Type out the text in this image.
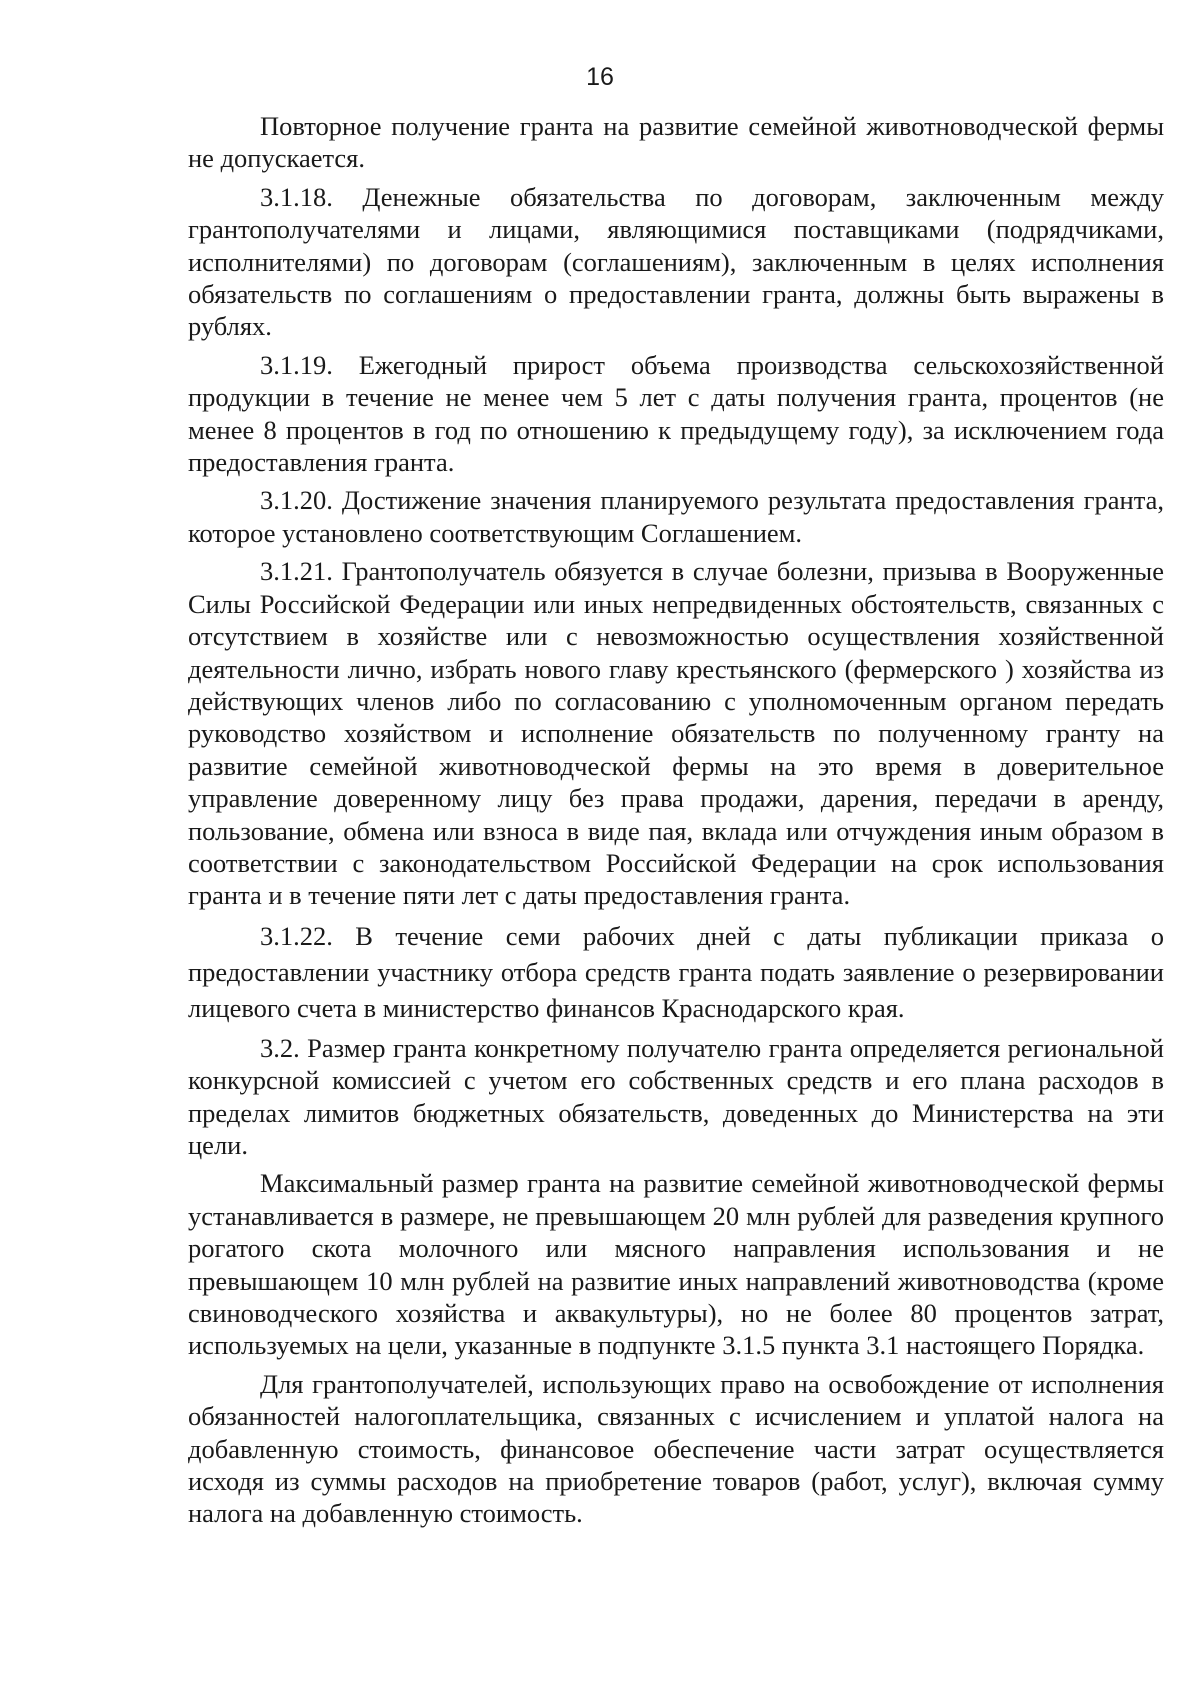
16

Повторное получение гранта на развитие семейной животноводческой фермы не допускается.

3.1.18. Денежные обязательства по договорам, заключенным между грантополучателями и лицами, являющимися поставщиками (подрядчиками, исполнителями) по договорам (соглашениям), заключенным в целях исполнения обязательств по соглашениям о предоставлении гранта, должны быть выражены в рублях.

3.1.19. Ежегодный прирост объема производства сельскохозяйственной продукции в течение не менее чем 5 лет с даты получения гранта, процентов (не менее 8 процентов в год по отношению к предыдущему году), за исключением года предоставления гранта.

3.1.20. Достижение значения планируемого результата предоставления гранта, которое установлено соответствующим Соглашением.

3.1.21. Грантополучатель обязуется в случае болезни, призыва в Вооруженные Силы Российской Федерации или иных непредвиденных обстоятельств, связанных с отсутствием в хозяйстве или с невозможностью осуществления хозяйственной деятельности лично, избрать нового главу крестьянского (фермерского ) хозяйства из действующих членов либо по согласованию с уполномоченным органом передать руководство хозяйством и исполнение обязательств по полученному гранту на развитие семейной животноводческой фермы на это время в доверительное управление доверенному лицу без права продажи, дарения, передачи в аренду, пользование, обмена или взноса в виде пая, вклада или отчуждения иным образом в соответствии с законодательством Российской Федерации на срок использования гранта и в течение пяти лет с даты предоставления гранта.

3.1.22. В течение семи рабочих дней с даты публикации приказа о предоставлении участнику отбора средств гранта подать заявление о резервировании лицевого счета в министерство финансов Краснодарского края.

3.2. Размер гранта конкретному получателю гранта определяется региональной конкурсной комиссией с учетом его собственных средств и его плана расходов в пределах лимитов бюджетных обязательств, доведенных до Министерства на эти цели.

Максимальный размер гранта на развитие семейной животноводческой фермы устанавливается в размере, не превышающем 20 млн рублей для разведения крупного рогатого скота молочного или мясного направления использования и не превышающем 10 млн рублей на развитие иных направлений животноводства (кроме свиноводческого хозяйства и аквакультуры), но не более 80 процентов затрат, используемых на цели, указанные в подпункте 3.1.5 пункта 3.1 настоящего Порядка.

Для грантополучателей, использующих право на освобождение от исполнения обязанностей налогоплательщика, связанных с исчислением и уплатой налога на добавленную стоимость, финансовое обеспечение части затрат осуществляется исходя из суммы расходов на приобретение товаров (работ, услуг), включая сумму налога на добавленную стоимость.
